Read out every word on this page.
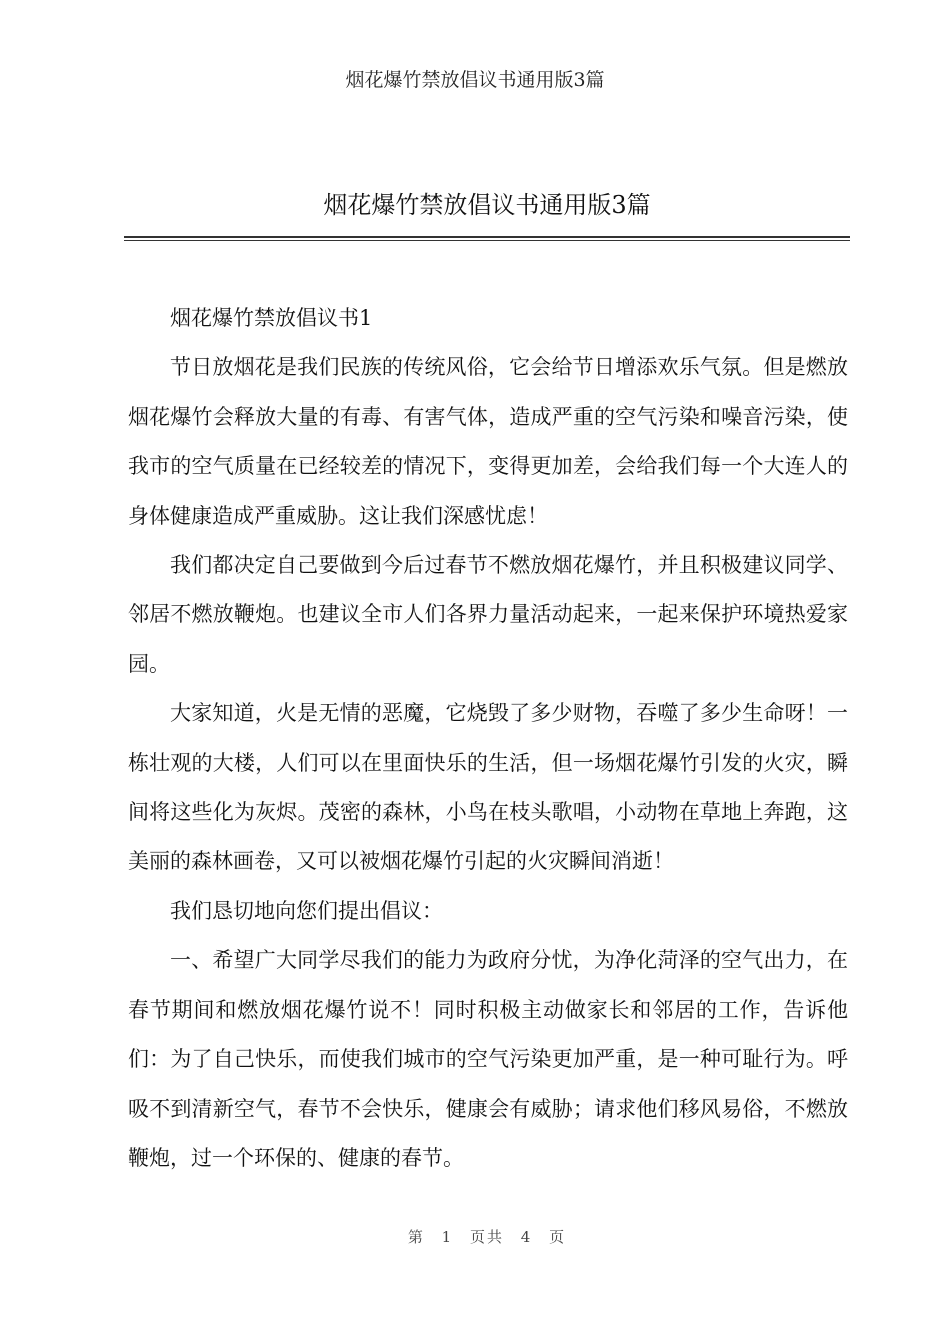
烟花爆竹禁放倡议书通用版3篇
烟花爆竹禁放倡议书通用版3篇

烟花爆竹禁放倡议书1

节日放烟花是我们民族的传统风俗，它会给节日增添欢乐气氛。但是燃放烟花爆竹会释放大量的有毒、有害气体，造成严重的空气污染和噪音污染，使我市的空气质量在已经较差的情况下，变得更加差，会给我们每一个大连人的身体健康造成严重威胁。这让我们深感忧虑！

我们都决定自己要做到今后过春节不燃放烟花爆竹，并且积极建议同学、邻居不燃放鞭炮。也建议全市人们各界力量活动起来，一起来保护环境热爱家园。

大家知道，火是无情的恶魔，它烧毁了多少财物，吞噬了多少生命呀！一栋壮观的大楼，人们可以在里面快乐的生活，但一场烟花爆竹引发的火灾，瞬间将这些化为灰烬。茂密的森林，小鸟在枝头歌唱，小动物在草地上奔跑，这美丽的森林画卷，又可以被烟花爆竹引起的火灾瞬间消逝！

我们恳切地向您们提出倡议：

一、希望广大同学尽我们的能力为政府分忧，为净化菏泽的空气出力，在春节期间和燃放烟花爆竹说不！同时积极主动做家长和邻居的工作，告诉他们：为了自己快乐，而使我们城市的空气污染更加严重，是一种可耻行为。呼吸不到清新空气，春节不会快乐，健康会有威胁；请求他们移风易俗，不燃放鞭炮，过一个环保的、健康的春节。

第 1 页共 4 页
